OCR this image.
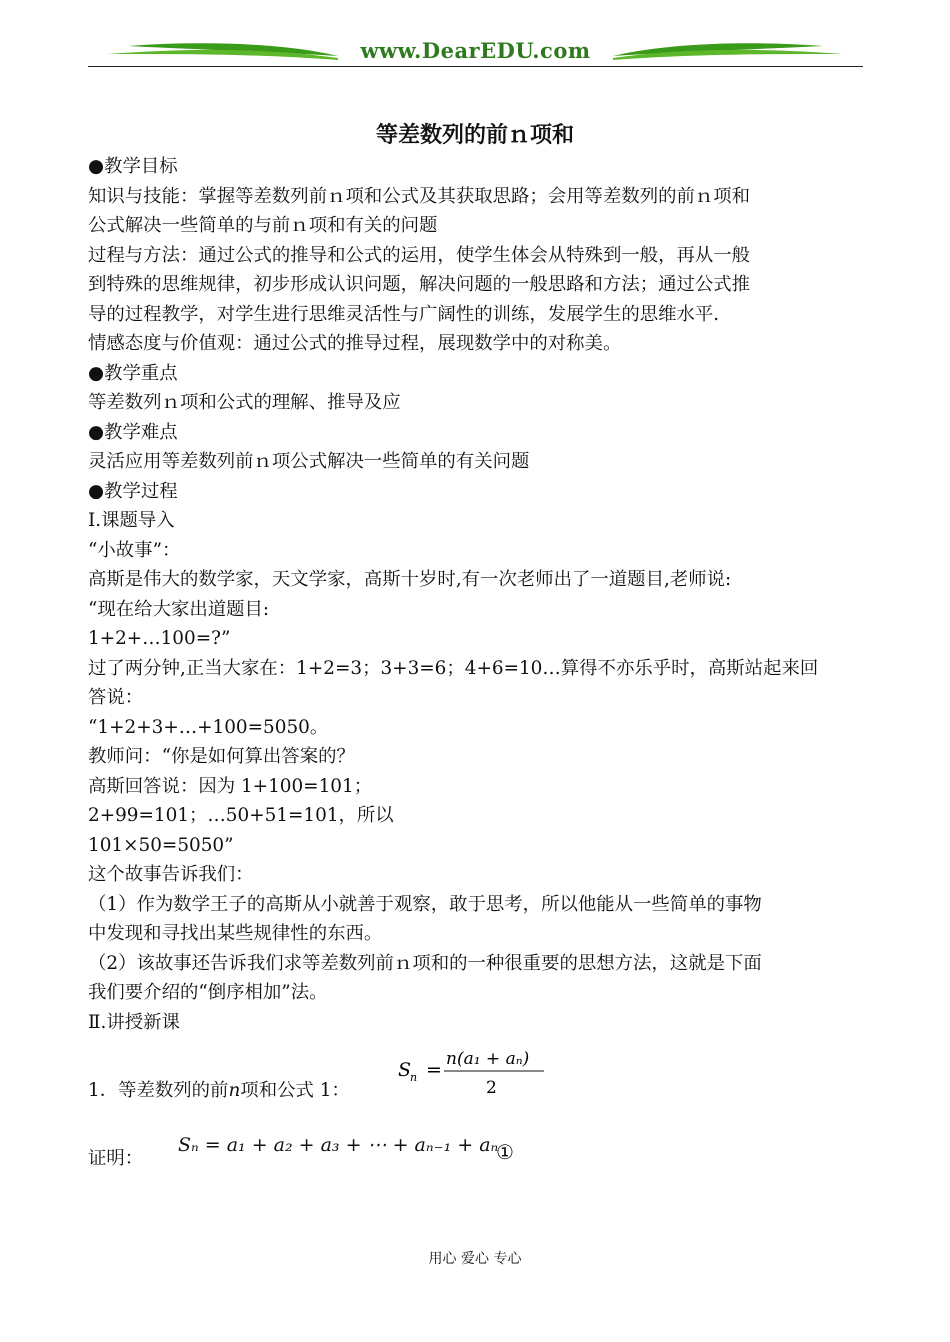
www.DearEDU.com
等差数列的前ｎ项和

●教学目标

知识与技能：掌握等差数列前ｎ项和公式及其获取思路；会用等差数列的前ｎ项和

公式解决一些简单的与前ｎ项和有关的问题

过程与方法：通过公式的推导和公式的运用，使学生体会从特殊到一般，再从一般

到特殊的思维规律，初步形成认识问题，解决问题的一般思路和方法；通过公式推

导的过程教学，对学生进行思维灵活性与广阔性的训练，发展学生的思维水平.

情感态度与价值观：通过公式的推导过程，展现数学中的对称美。

●教学重点

等差数列ｎ项和公式的理解、推导及应

●教学难点

灵活应用等差数列前ｎ项公式解决一些简单的有关问题

●教学过程

Ⅰ.课题导入

“小故事”：

高斯是伟大的数学家，天文学家，高斯十岁时,有一次老师出了一道题目,老师说:

“现在给大家出道题目:

1+2+…100=?”

过了两分钟,正当大家在：1+2=3；3+3=6；4+6=10…算得不亦乐乎时，高斯站起来回

答说：

“1+2+3+…+100=5050。

教师问：“你是如何算出答案的？

高斯回答说：因为 1+100=101；

2+99=101；…50+51=101，所以

101×50=5050”

这个故事告诉我们：

（1）作为数学王子的高斯从小就善于观察，敢于思考，所以他能从一些简单的事物

中发现和寻找出某些规律性的东西。

（2）该故事还告诉我们求等差数列前ｎ项和的一种很重要的思想方法，这就是下面

我们要介绍的“倒序相加”法。

Ⅱ.讲授新课

1．等差数列的前n项和公式 1：
S
n = n(a₁ + aₙ)
2
证明：
Sₙ = a₁ + a₂ + a₃ + ⋯ + aₙ₋₁ + aₙ
①
用心 爱心 专心
